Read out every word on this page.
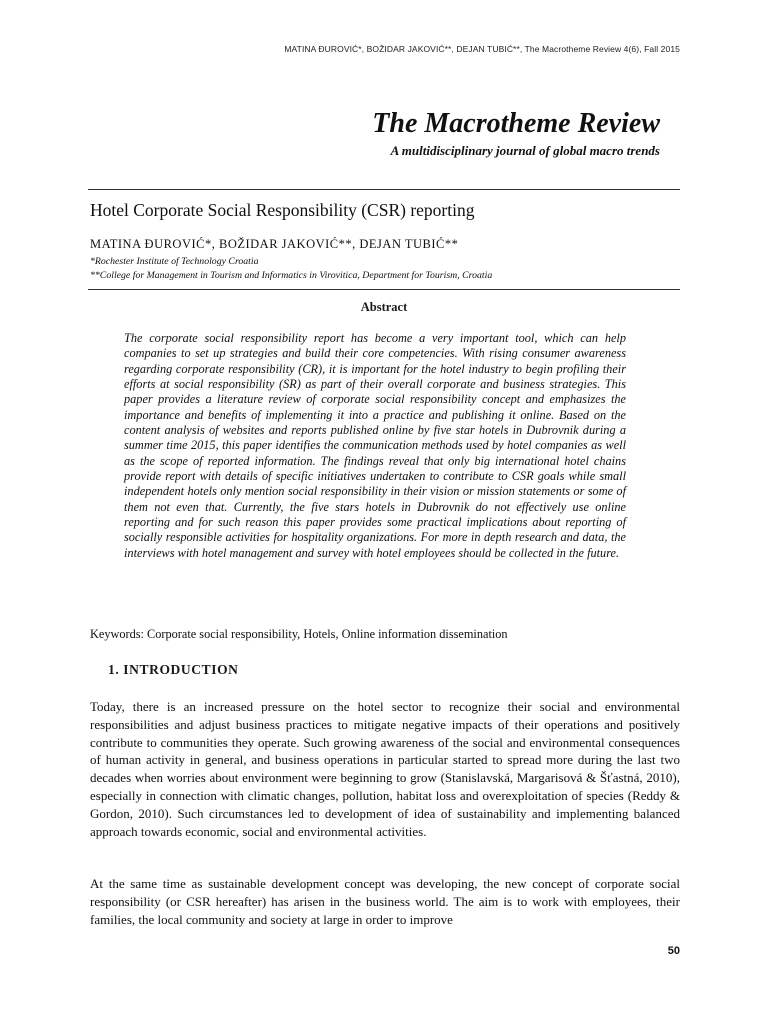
MATINA ĐUROVIĆ*, BOŽIDAR JAKOVIĆ**, DEJAN TUBIĆ**, The Macrotheme Review 4(6), Fall 2015
The Macrotheme Review
A multidisciplinary journal of global macro trends
Hotel Corporate Social Responsibility (CSR) reporting
MATINA ĐUROVIĆ*, BOŽIDAR JAKOVIĆ**, DEJAN TUBIĆ**
*Rochester Institute of Technology Croatia
**College for Management in Tourism and Informatics in Virovitica, Department for Tourism, Croatia
Abstract
The corporate social responsibility report has become a very important tool, which can help companies to set up strategies and build their core competencies. With rising consumer awareness regarding corporate responsibility (CR), it is important for the hotel industry to begin profiling their efforts at social responsibility (SR) as part of their overall corporate and business strategies. This paper provides a literature review of corporate social responsibility concept and emphasizes the importance and benefits of implementing it into a practice and publishing it online. Based on the content analysis of websites and reports published online by five star hotels in Dubrovnik during a summer time 2015, this paper identifies the communication methods used by hotel companies as well as the scope of reported information. The findings reveal that only big international hotel chains provide report with details of specific initiatives undertaken to contribute to CSR goals while small independent hotels only mention social responsibility in their vision or mission statements or some of them not even that. Currently, the five stars hotels in Dubrovnik do not effectively use online reporting and for such reason this paper provides some practical implications about reporting of socially responsible activities for hospitality organizations. For more in depth research and data, the interviews with hotel management and survey with hotel employees should be collected in the future.
Keywords: Corporate social responsibility, Hotels, Online information dissemination
1. INTRODUCTION
Today, there is an increased pressure on the hotel sector to recognize their social and environmental responsibilities and adjust business practices to mitigate negative impacts of their operations and positively contribute to communities they operate. Such growing awareness of the social and environmental consequences of human activity in general, and business operations in particular started to spread more during the last two decades when worries about environment were beginning to grow (Stanislavská, Margarisová & Šťastná, 2010), especially in connection with climatic changes, pollution, habitat loss and overexploitation of species (Reddy & Gordon, 2010). Such circumstances led to development of idea of sustainability and implementing balanced approach towards economic, social and environmental activities.
At the same time as sustainable development concept was developing, the new concept of corporate social responsibility (or CSR hereafter) has arisen in the business world. The aim is to work with employees, their families, the local community and society at large in order to improve
50
